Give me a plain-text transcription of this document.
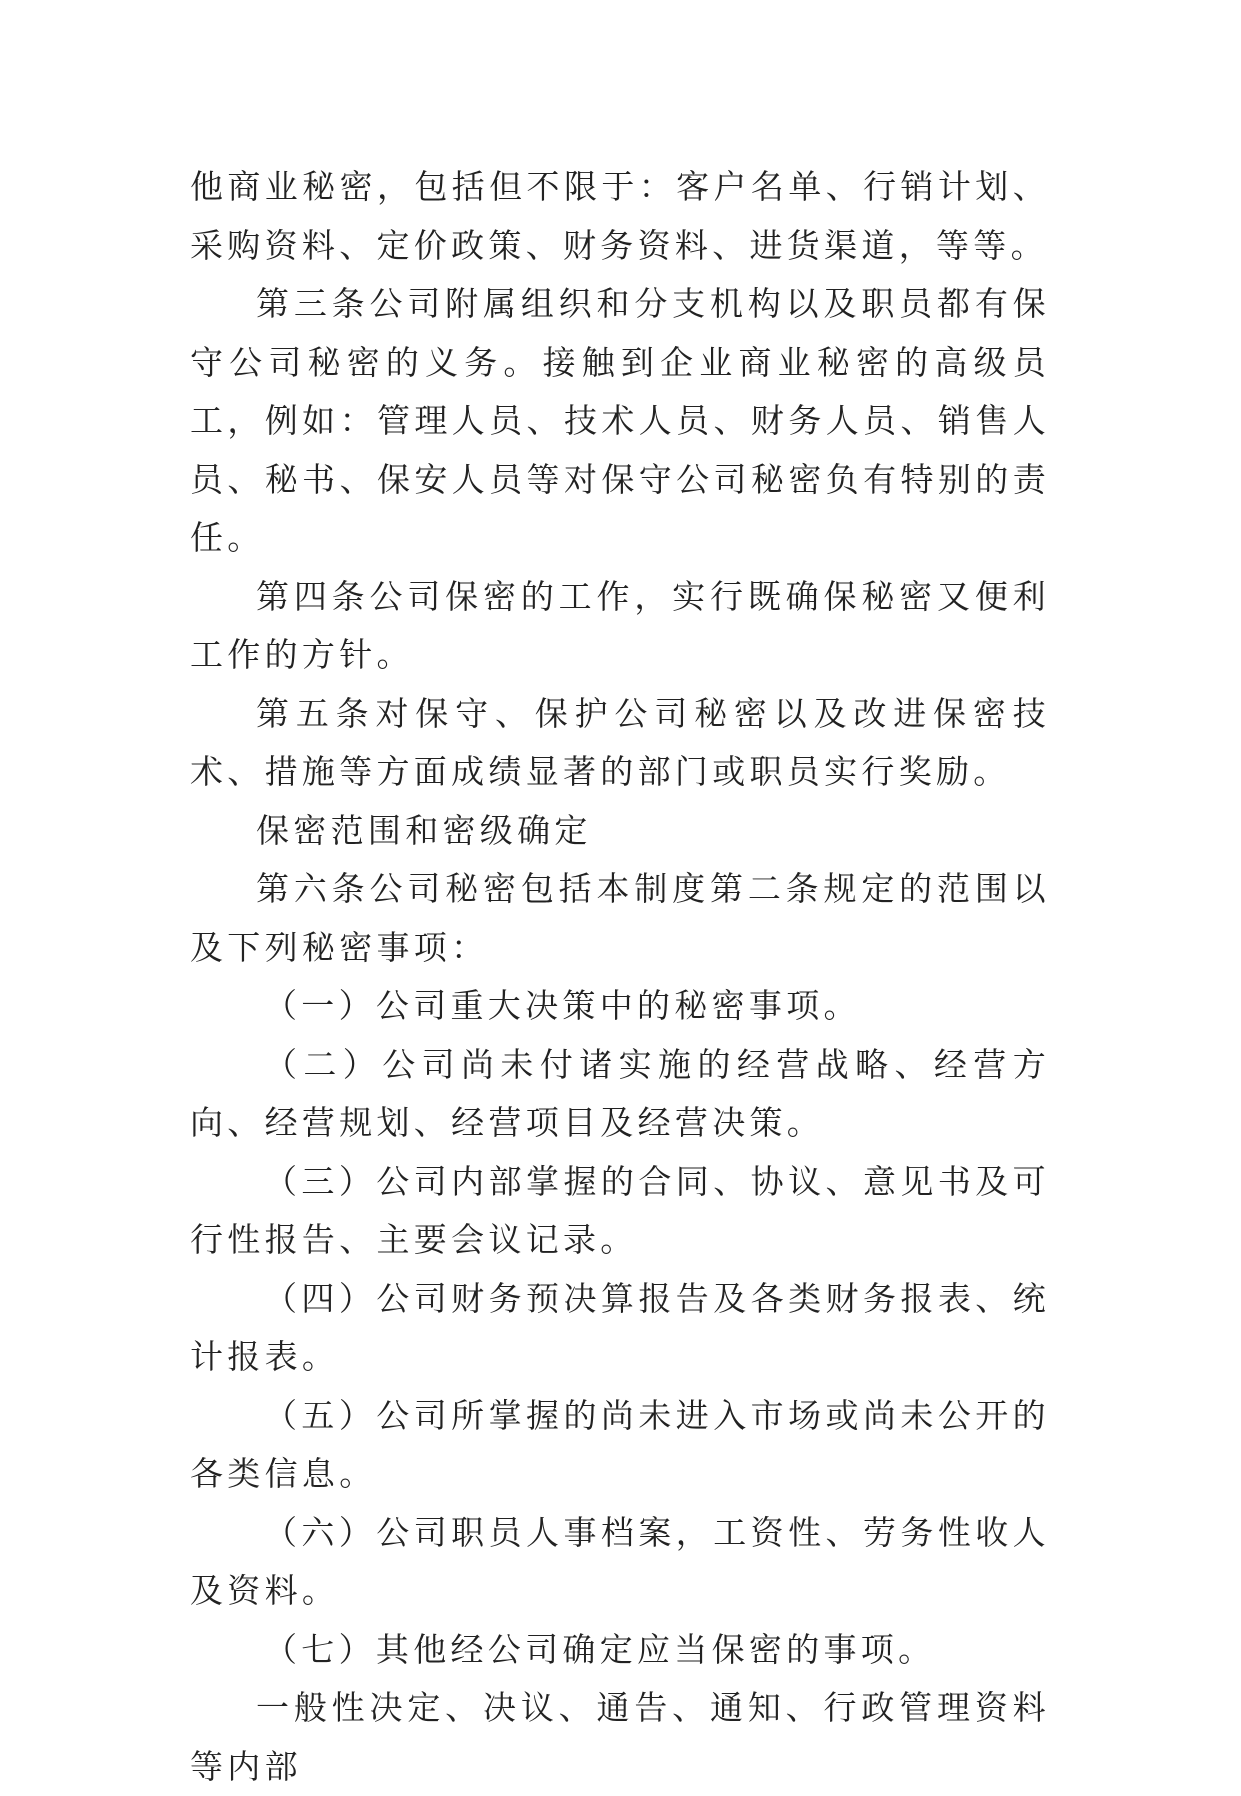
他商业秘密，包括但不限于：客户名单、行销计划、采购资料、定价政策、财务资料、进货渠道，等等。

第三条公司附属组织和分支机构以及职员都有保守公司秘密的义务。接触到企业商业秘密的高级员工，例如：管理人员、技术人员、财务人员、销售人员、秘书、保安人员等对保守公司秘密负有特别的责任。

第四条公司保密的工作，实行既确保秘密又便利工作的方针。

第五条对保守、保护公司秘密以及改进保密技术、措施等方面成绩显著的部门或职员实行奖励。

保密范围和密级确定

第六条公司秘密包括本制度第二条规定的范围以及下列秘密事项：

（一）公司重大决策中的秘密事项。

（二）公司尚未付诸实施的经营战略、经营方向、经营规划、经营项目及经营决策。

（三）公司内部掌握的合同、协议、意见书及可行性报告、主要会议记录。

（四）公司财务预决算报告及各类财务报表、统计报表。

（五）公司所掌握的尚未进入市场或尚未公开的各类信息。

（六）公司职员人事档案，工资性、劳务性收人及资料。

（七）其他经公司确定应当保密的事项。

一般性决定、决议、通告、通知、行政管理资料等内部
